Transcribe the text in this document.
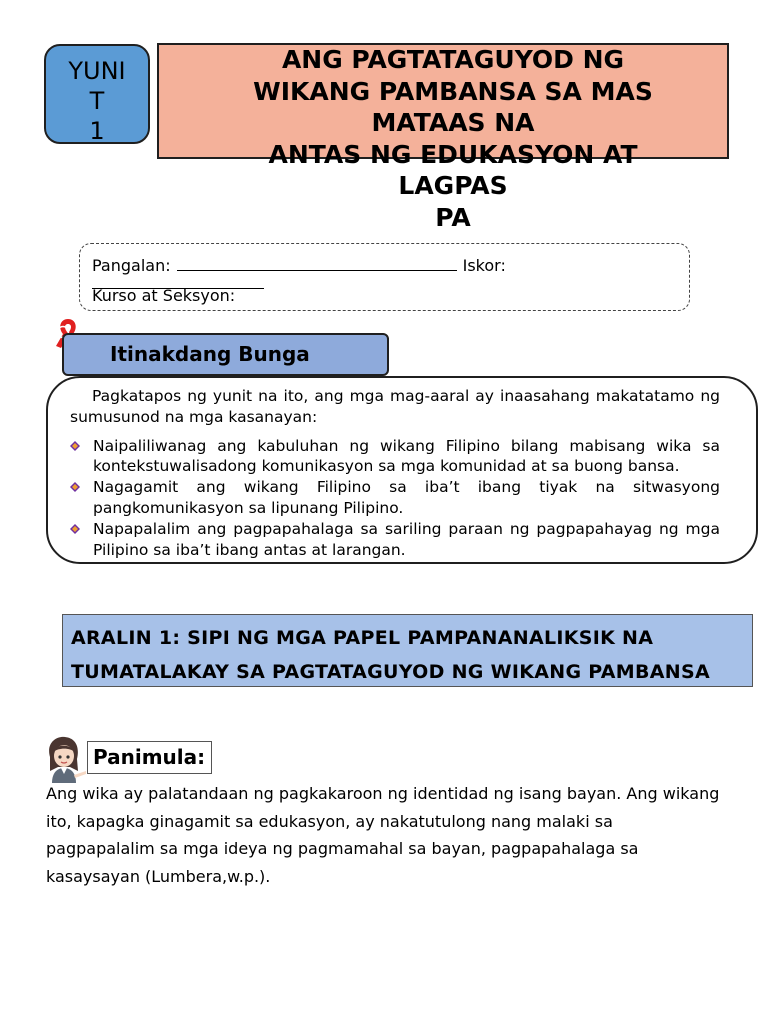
YUNI
T
1
ANG PAGTATAGUYOD NG
WIKANG PAMBANSA SA MAS
MATAAS NA
ANTAS NG EDUKASYON AT
LAGPAS
PA
Pangalan:	Iskor:
Kurso at Seksyon:
Itinakdang Bunga

Pagkatapos ng yunit na ito, ang mga mag-aaral ay inaasahang makatatamo ng sumusunod na mga kasanayan:

Naipaliliwanag ang kabuluhan ng wikang Filipino bilang mabisang wika sa kontekstuwalisadong komunikasyon sa mga komunidad at sa buong bansa.
Nagagamit ang wikang Filipino sa iba’t ibang tiyak na sitwasyong pangkomunikasyon sa lipunang Pilipino.
Napapalalim ang pagpapahalaga sa sariling paraan ng pagpapahayag ng mga Pilipino sa iba’t ibang antas at larangan.
ARALIN 1: SIPI NG MGA PAPEL PAMPANANALIKSIK NA TUMATALAKAY SA PAGTATAGUYOD NG WIKANG PAMBANSA
Panimula:

Ang wika ay palatandaan ng pagkakaroon ng identidad ng isang bayan. Ang wikang ito, kapagka ginagamit sa edukasyon, ay nakatutulong nang malaki sa pagpapalalim sa mga ideya ng pagmamahal sa bayan, pagpapahalaga sa kasaysayan (Lumbera,w.p.).
